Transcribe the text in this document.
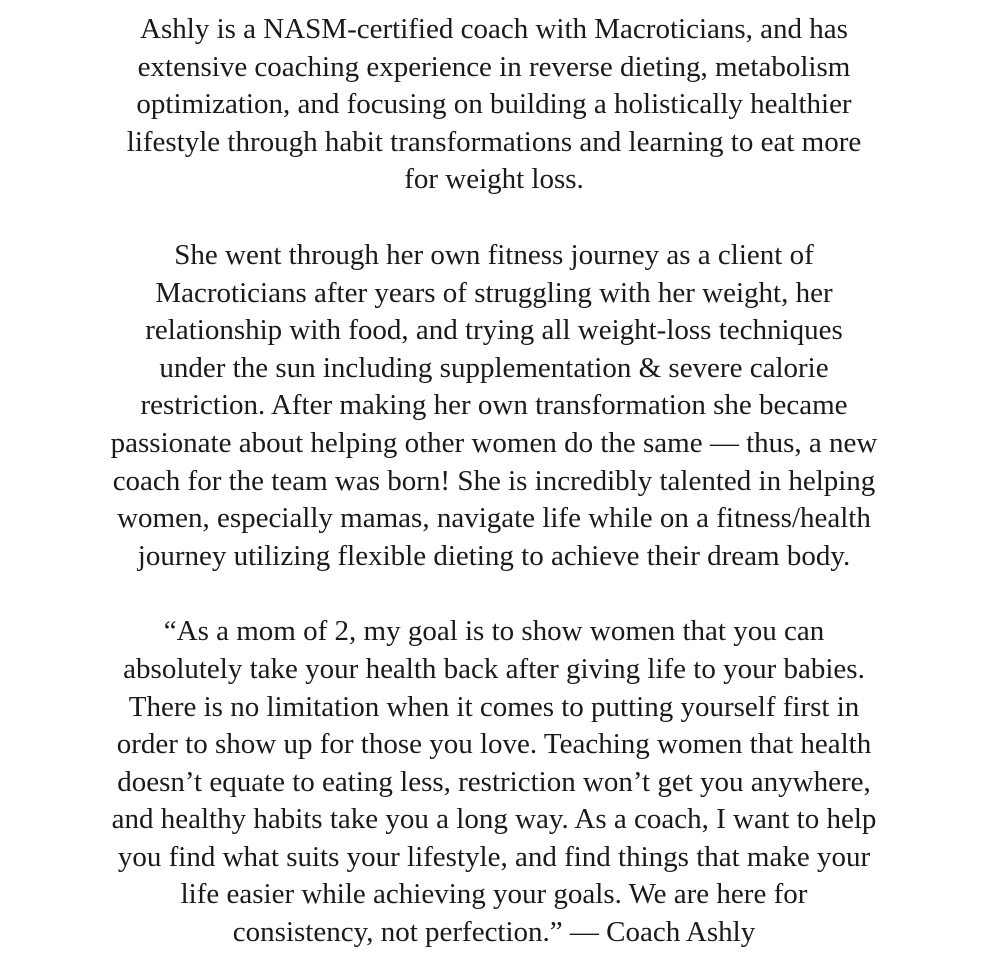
Ashly is a NASM-certified coach with Macroticians, and has
extensive coaching experience in reverse dieting, metabolism
optimization, and focusing on building a holistically healthier
lifestyle through habit transformations and learning to eat more
for weight loss.

She went through her own fitness journey as a client of
Macroticians after years of struggling with her weight, her
relationship with food, and trying all weight-loss techniques
under the sun including supplementation & severe calorie
restriction. After making her own transformation she became
passionate about helping other women do the same — thus, a new
coach for the team was born! She is incredibly talented in helping
women, especially mamas, navigate life while on a fitness/health
journey utilizing flexible dieting to achieve their dream body.

“As a mom of 2, my goal is to show women that you can
absolutely take your health back after giving life to your babies.
There is no limitation when it comes to putting yourself first in
order to show up for those you love. Teaching women that health
doesn’t equate to eating less, restriction won’t get you anywhere,
and healthy habits take you a long way. As a coach, I want to help
you find what suits your lifestyle, and find things that make your
life easier while achieving your goals. We are here for
consistency, not perfection.” — Coach Ashly
